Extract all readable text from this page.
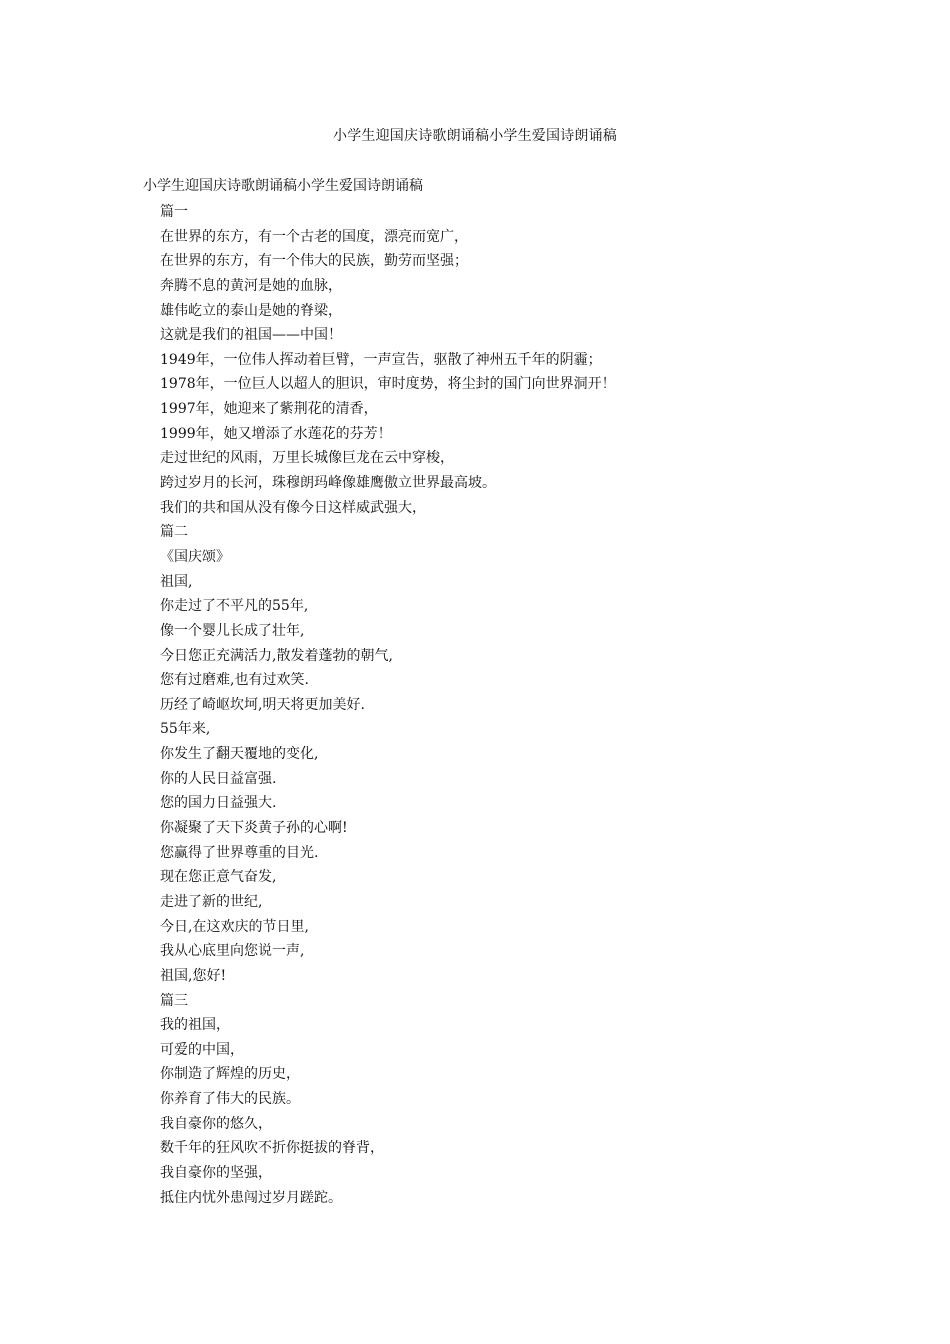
小学生迎国庆诗歌朗诵稿小学生爱国诗朗诵稿
小学生迎国庆诗歌朗诵稿小学生爱国诗朗诵稿
篇一
在世界的东方，有一个古老的国度，漂亮而宽广，
在世界的东方，有一个伟大的民族，勤劳而坚强；
奔腾不息的黄河是她的血脉，
雄伟屹立的泰山是她的脊梁，
这就是我们的祖国——中国！
1949年，一位伟人挥动着巨臂，一声宣告，驱散了神州五千年的阴霾；
1978年，一位巨人以超人的胆识，审时度势，将尘封的国门向世界洞开！
1997年，她迎来了紫荆花的清香，
1999年，她又增添了水莲花的芬芳！
走过世纪的风雨，万里长城像巨龙在云中穿梭，
跨过岁月的长河，珠穆朗玛峰像雄鹰傲立世界最高坡。
我们的共和国从没有像今日这样威武强大，
篇二
《国庆颂》
祖国,
你走过了不平凡的55年,
像一个婴儿长成了壮年,
今日您正充满活力,散发着蓬勃的朝气,
您有过磨难,也有过欢笑.
历经了崎岖坎坷,明天将更加美好.
55年来,
你发生了翻天覆地的变化,
你的人民日益富强.
您的国力日益强大.
你凝聚了天下炎黄子孙的心啊!
您赢得了世界尊重的目光.
现在您正意气奋发,
走进了新的世纪,
今日,在这欢庆的节日里,
我从心底里向您说一声,
祖国,您好!
篇三
我的祖国，
可爱的中国，
你制造了辉煌的历史，
你养育了伟大的民族。
我自豪你的悠久，
数千年的狂风吹不折你挺拔的脊背，
我自豪你的坚强，
抵住内忧外患闯过岁月蹉跎。
